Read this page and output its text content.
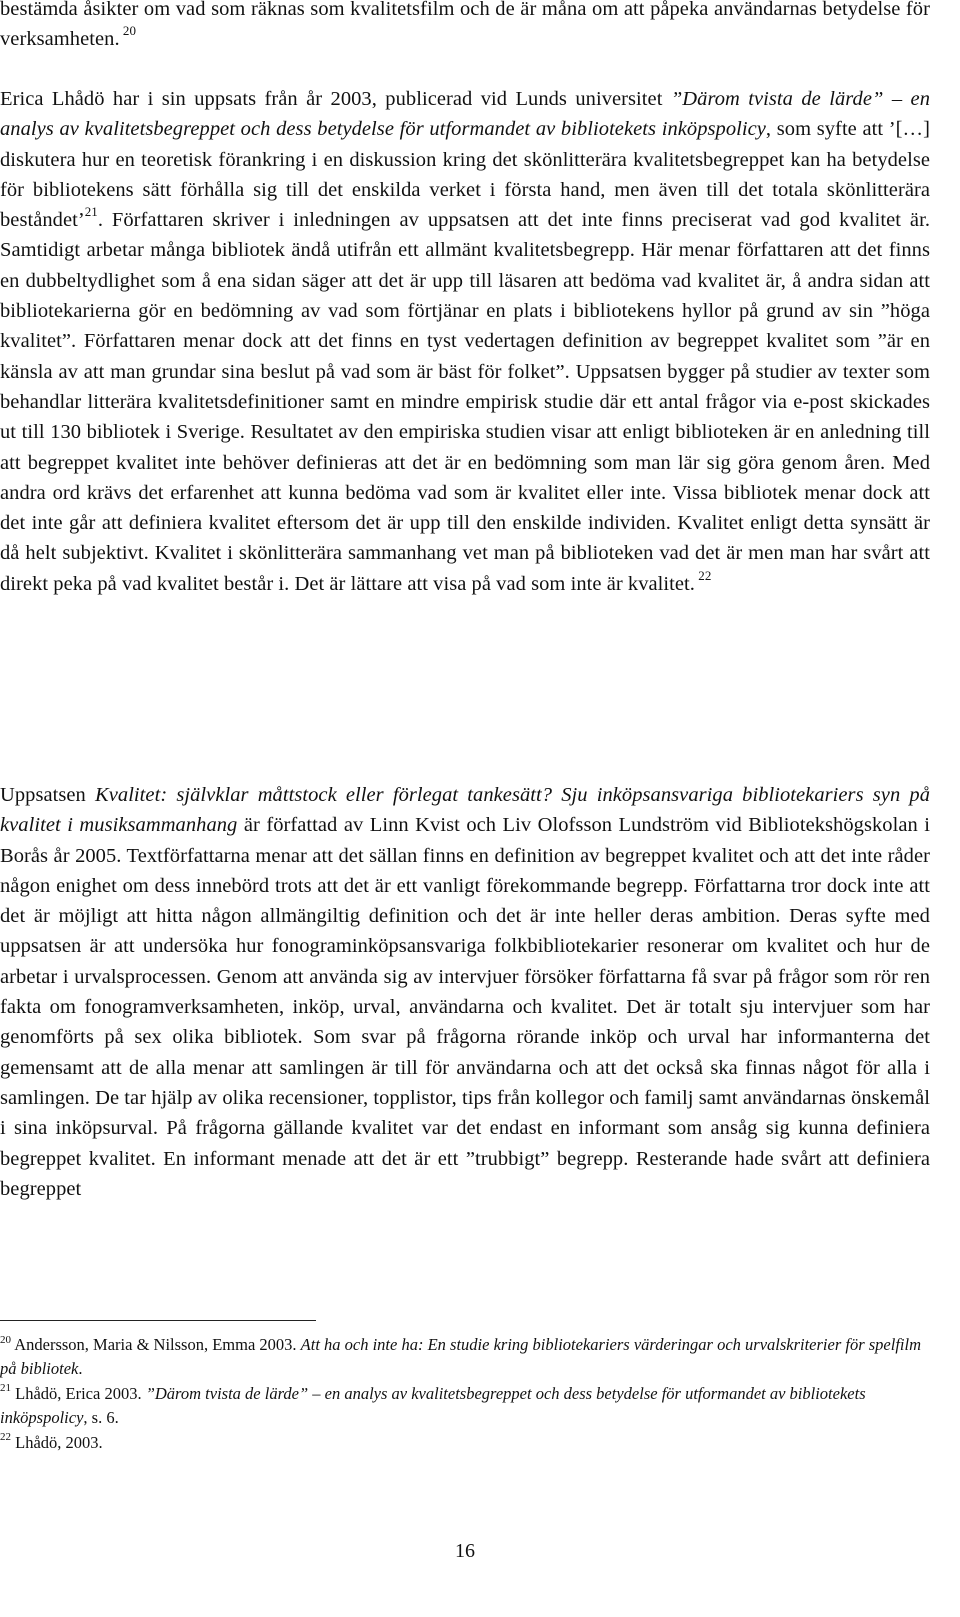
bestämda åsikter om vad som räknas som kvalitetsfilm och de är måna om att påpeka användarnas betydelse för verksamheten. $^{20}$

Erica Lhådö har i sin uppsats från år 2003, publicerad vid Lunds universitet ”Därom tvista de lärde” – en analys av kvalitetsbegreppet och dess betydelse för utformandet av bibliotekets inköpspolicy, som syfte att ’[…] diskutera hur en teoretisk förankring i en diskussion kring det skönlitterära kvalitetsbegreppet kan ha betydelse för bibliotekens sätt förhålla sig till det enskilda verket i första hand, men även till det totala skönlitterära beståndet’$^{21}$. Författaren skriver i inledningen av uppsatsen att det inte finns preciserat vad god kvalitet är. Samtidigt arbetar många bibliotek ändå utifrån ett allmänt kvalitetsbegrepp. Här menar författaren att det finns en dubbeltydlighet som å ena sidan säger att det är upp till läsaren att bedöma vad kvalitet är, å andra sidan att bibliotekarierna gör en bedömning av vad som förtjänar en plats i bibliotekens hyllor på grund av sin ”höga kvalitet”. Författaren menar dock att det finns en tyst vedertagen definition av begreppet kvalitet som ”är en känsla av att man grundar sina beslut på vad som är bäst för folket”. Uppsatsen bygger på studier av texter som behandlar litterära kvalitetsdefinitioner samt en mindre empirisk studie där ett antal frågor via e-post skickades ut till 130 bibliotek i Sverige. Resultatet av den empiriska studien visar att enligt biblioteken är en anledning till att begreppet kvalitet inte behöver definieras att det är en bedömning som man lär sig göra genom åren. Med andra ord krävs det erfarenhet att kunna bedöma vad som är kvalitet eller inte. Vissa bibliotek menar dock att det inte går att definiera kvalitet eftersom det är upp till den enskilde individen. Kvalitet enligt detta synsätt är då helt subjektivt. Kvalitet i skönlitterära sammanhang vet man på biblioteken vad det är men man har svårt att direkt peka på vad kvalitet består i. Det är lättare att visa på vad som inte är kvalitet. $^{22}$

Uppsatsen Kvalitet: självklar måttstock eller förlegat tankesätt? Sju inköpsansvariga bibliotekariers syn på kvalitet i musiksammanhang är författad av Linn Kvist och Liv Olofsson Lundström vid Bibliotekshögskolan i Borås år 2005. Textförfattarna menar att det sällan finns en definition av begreppet kvalitet och att det inte råder någon enighet om dess innebörd trots att det är ett vanligt förekommande begrepp. Författarna tror dock inte att det är möjligt att hitta någon allmängiltig definition och det är inte heller deras ambition. Deras syfte med uppsatsen är att undersöka hur fonograminköpsansvariga folkbibliotekarier resonerar om kvalitet och hur de arbetar i urvalsprocessen. Genom att använda sig av intervjuer försöker författarna få svar på frågor som rör ren fakta om fonogramverksamheten, inköp, urval, användarna och kvalitet. Det är totalt sju intervjuer som har genomförts på sex olika bibliotek. Som svar på frågorna rörande inköp och urval har informanterna det gemensamt att de alla menar att samlingen är till för användarna och att det också ska finnas något för alla i samlingen. De tar hjälp av olika recensioner, topplistor, tips från kollegor och familj samt användarnas önskemål i sina inköpsurval. På frågorna gällande kvalitet var det endast en informant som ansåg sig kunna definiera begreppet kvalitet. En informant menade att det är ett ”trubbigt” begrepp. Resterande hade svårt att definiera begreppet

$^{20}$ Andersson, Maria & Nilsson, Emma 2003. Att ha och inte ha: En studie kring bibliotekariers värderingar och urvalskriterier för spelfilm på bibliotek.

$^{21}$ Lhådö, Erica 2003. ”Därom tvista de lärde” – en analys av kvalitetsbegreppet och dess betydelse för utformandet av bibliotekets inköpspolicy, s. 6.

$^{22}$ Lhådö, 2003.

16
